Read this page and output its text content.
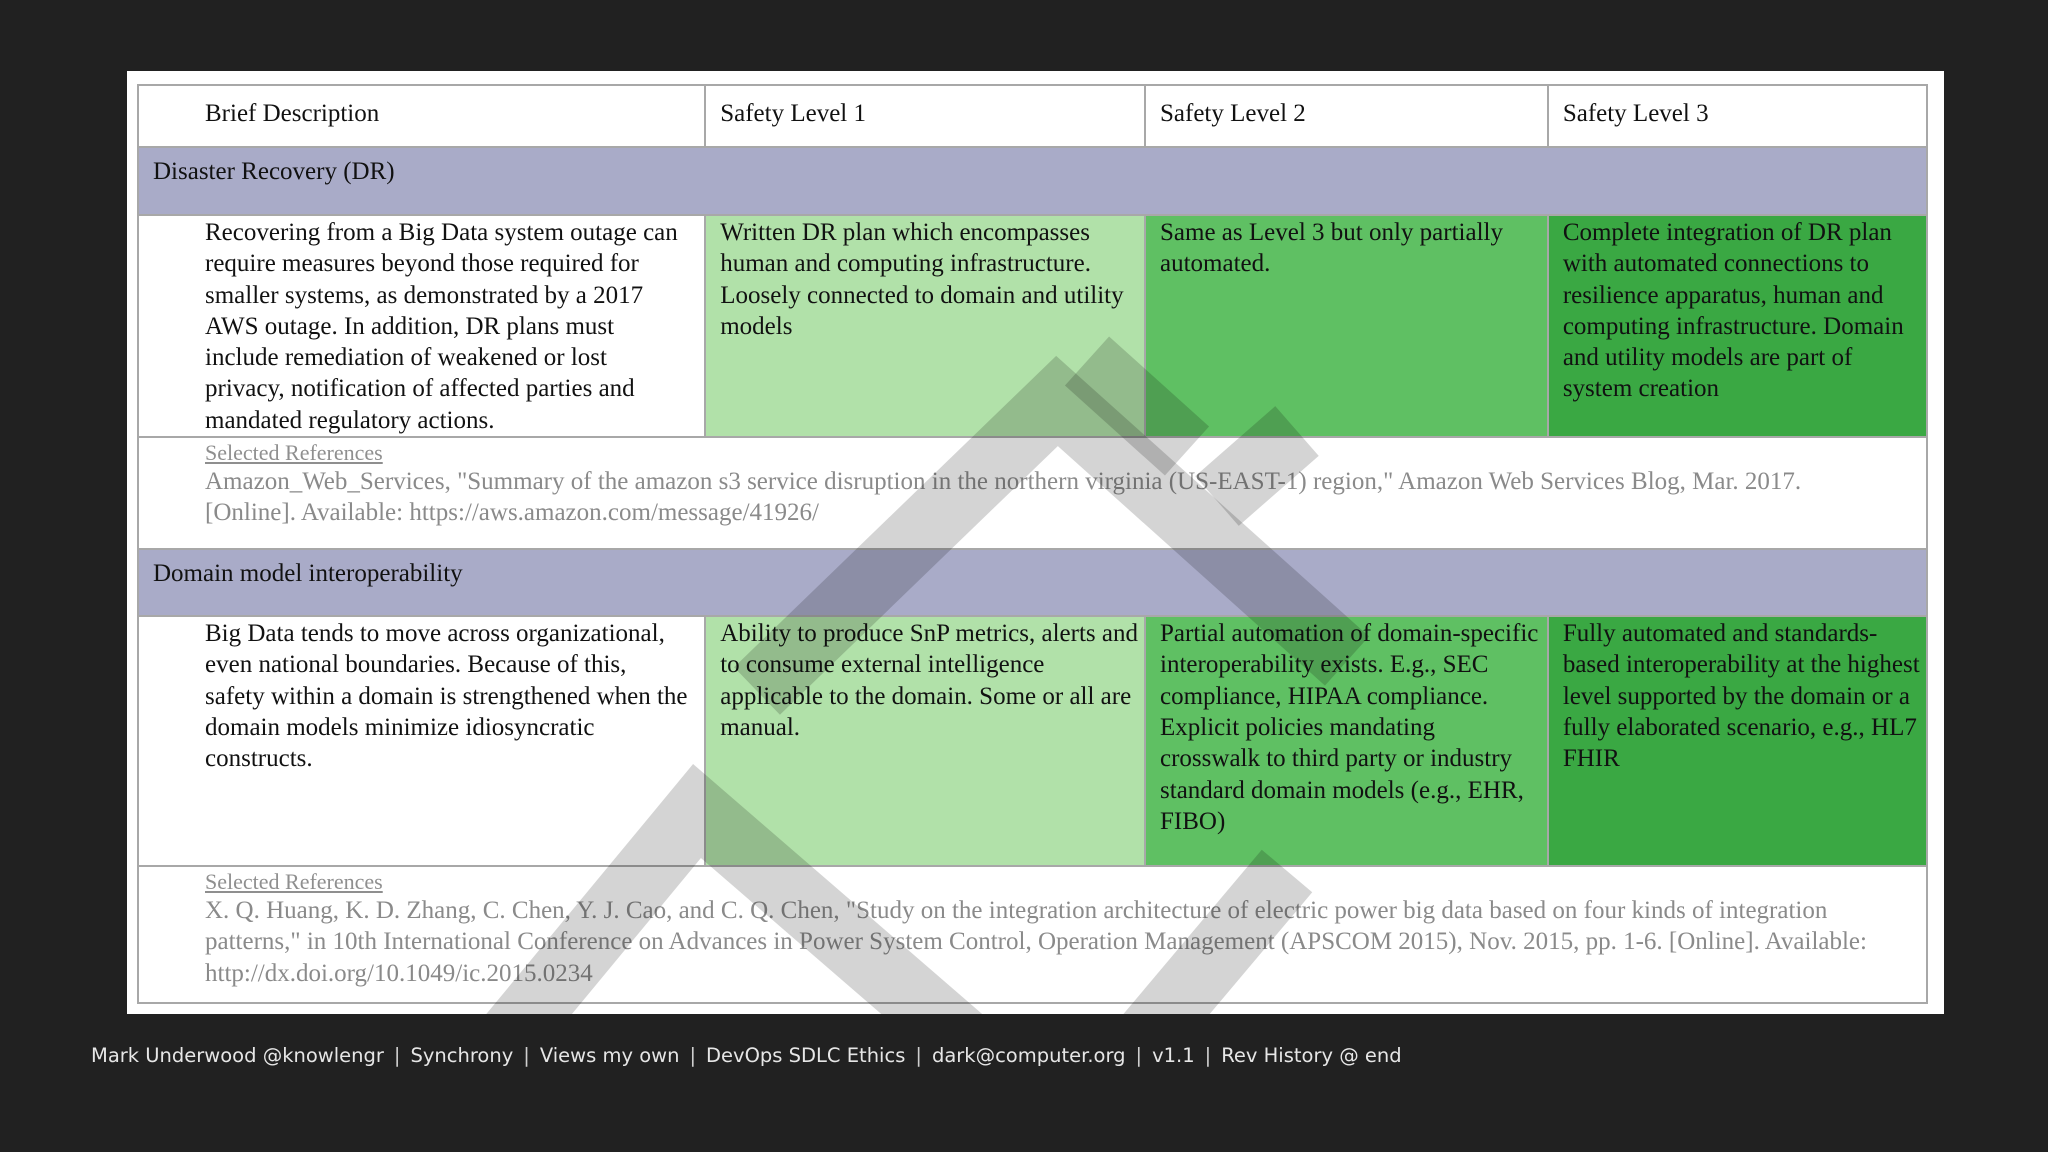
Brief Description	Safety Level 1	Safety Level 2	Safety Level 3
Disaster Recovery (DR)			
Recovering from a Big Data system outage can require measures beyond those required for smaller systems, as demonstrated by a 2017 AWS outage. In addition, DR plans must include remediation of weakened or lost privacy, notification of affected parties and mandated regulatory actions.	Written DR plan which encompasses human and computing infrastructure. Loosely connected to domain and utility models	Same as Level 3 but only partially automated.	Complete integration of DR plan with automated connections to resilience apparatus, human and computing infrastructure. Domain and utility models are part of system creation

Selected References
Amazon_Web_Services, "Summary of the amazon s3 service disruption in the northern virginia (US-EAST-1) region," Amazon Web Services Blog, Mar. 2017. [Online]. Available: https://aws.amazon.com/message/41926/			

Domain model interoperability			
Big Data tends to move across organizational, even national boundaries. Because of this, safety within a domain is strengthened when the domain models minimize idiosyncratic constructs.	Ability to produce SnP metrics, alerts and to consume external intelligence applicable to the domain. Some or all are manual.	Partial automation of domain-specific interoperability exists. E.g., SEC compliance, HIPAA compliance. Explicit policies mandating crosswalk to third party or industry standard domain models (e.g., EHR, FIBO)	Fully automated and standards-based interoperability at the highest level supported by the domain or a fully elaborated scenario, e.g., HL7 FHIR

Selected References
X. Q. Huang, K. D. Zhang, C. Chen, Y. J. Cao, and C. Q. Chen, "Study on the integration architecture of electric power big data based on four kinds of integration patterns," in 10th International Conference on Advances in Power System Control, Operation Management (APSCOM 2015), Nov. 2015, pp. 1-6. [Online]. Available: http://dx.doi.org/10.1049/ic.2015.0234			
Mark Underwood @knowlengr | Synchrony | Views my own | DevOps SDLC Ethics | dark@computer.org | v1.1 | Rev History @ end
